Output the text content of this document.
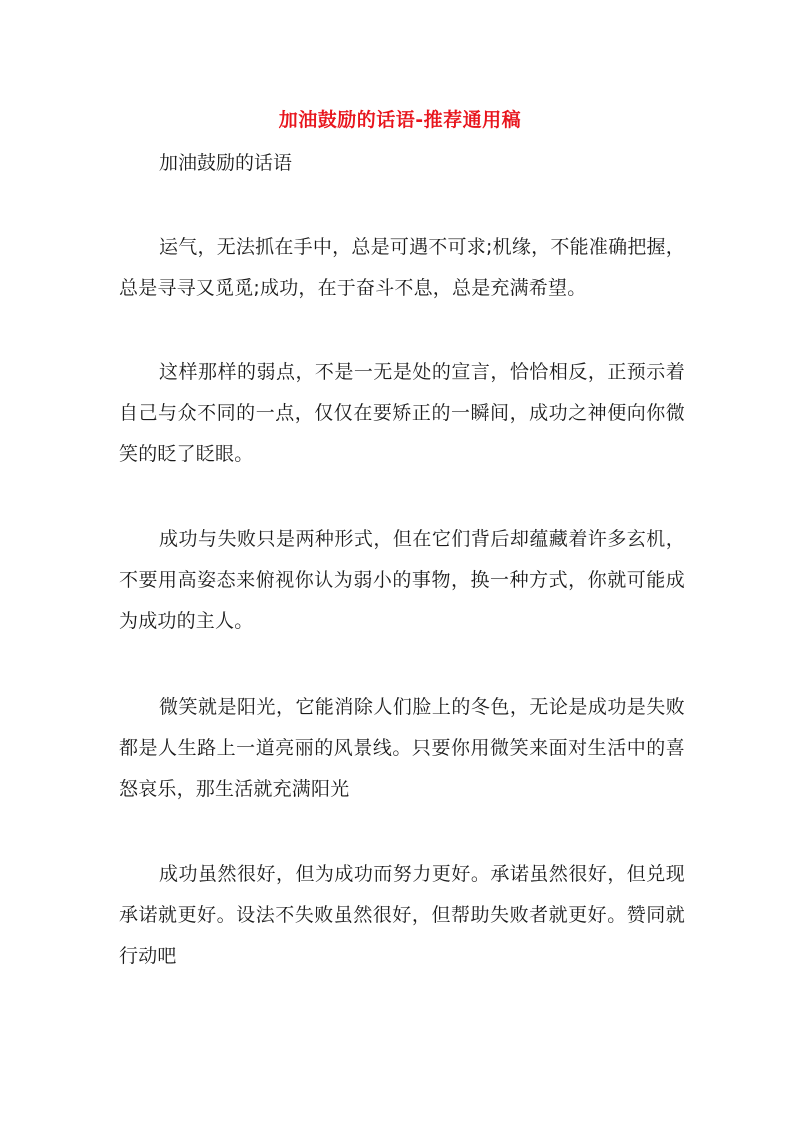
加油鼓励的话语-推荐通用稿
加油鼓励的话语

运气，无法抓在手中，总是可遇不可求;机缘，不能准确把握，总是寻寻又觅觅;成功，在于奋斗不息，总是充满希望。

这样那样的弱点，不是一无是处的宣言，恰恰相反，正预示着自己与众不同的一点，仅仅在要矫正的一瞬间，成功之神便向你微笑的眨了眨眼。

成功与失败只是两种形式，但在它们背后却蕴藏着许多玄机，不要用高姿态来俯视你认为弱小的事物，换一种方式，你就可能成为成功的主人。

微笑就是阳光，它能消除人们脸上的冬色，无论是成功是失败都是人生路上一道亮丽的风景线。只要你用微笑来面对生活中的喜怒哀乐，那生活就充满阳光

成功虽然很好，但为成功而努力更好。承诺虽然很好，但兑现承诺就更好。设法不失败虽然很好，但帮助失败者就更好。赞同就行动吧
